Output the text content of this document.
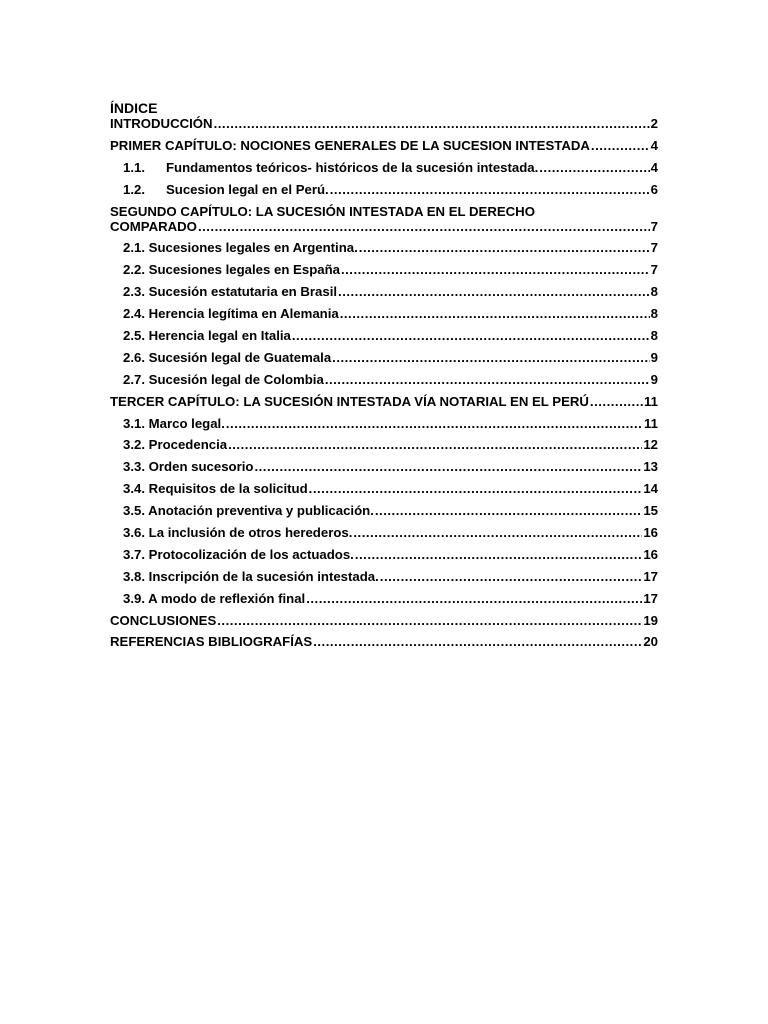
ÍNDICE
INTRODUCCIÓN .....	2
PRIMER CAPÍTULO: NOCIONES GENERALES DE LA SUCESION INTESTADA .....	4
1.1.	Fundamentos teóricos- históricos de la sucesión intestada. .....	4
1.2.	Sucesion legal en el Perú. .....	6
SEGUNDO CAPÍTULO: LA SUCESIÓN INTESTADA EN EL DERECHO
COMPARADO .....	7
2.1. Sucesiones legales en Argentina. .....	7
2.2. Sucesiones legales en España .....	7
2.3. Sucesión estatutaria en Brasil .....	8
2.4. Herencia legítima en Alemania .....	8
2.5. Herencia legal en Italia .....	8
2.6. Sucesión legal de Guatemala .....	9
2.7. Sucesión legal de Colombia .....	9
TERCER CAPÍTULO: LA SUCESIÓN INTESTADA VÍA NOTARIAL EN EL PERÚ .....	11
3.1. Marco legal. .....	11
3.2. Procedencia .....	12
3.3. Orden sucesorio .....	13
3.4. Requisitos de la solicitud .....	14
3.5. Anotación preventiva y publicación. .....	15
3.6. La inclusión de otros herederos. .....	16
3.7. Protocolización de los actuados. .....	16
3.8. Inscripción de la sucesión intestada. .....	17
3.9. A modo de reflexión final .....	17
CONCLUSIONES .....	19
REFERENCIAS BIBLIOGRAFÍAS .....	20
